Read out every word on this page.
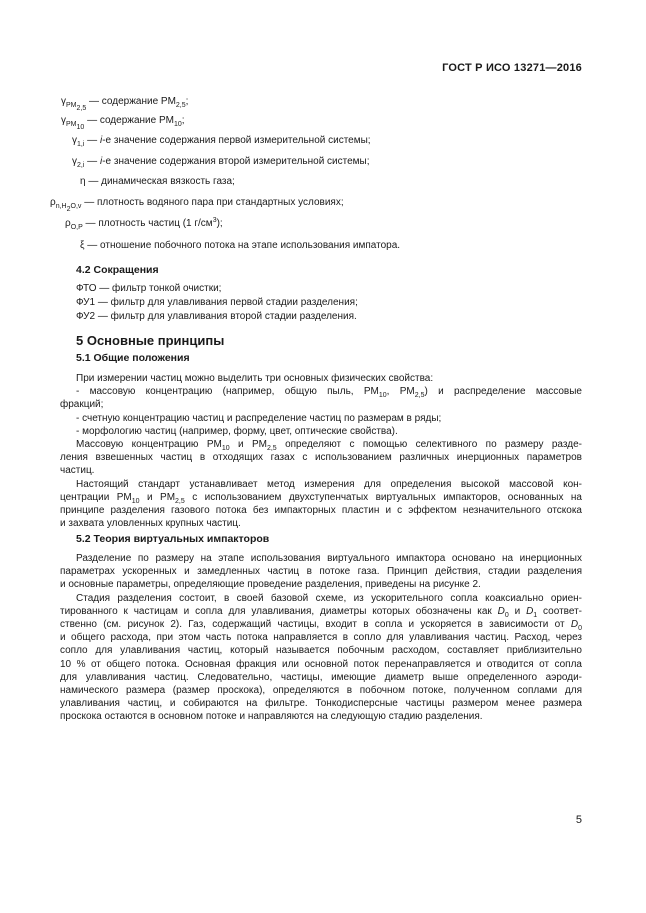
ГОСТ Р ИСО 13271—2016
$\gamma_{PM_{2,5}}$ — содержание $PM_{2,5}$;
$\gamma_{PM_{10}}$ — содержание $PM_{10}$;
$\gamma_{1,i}$ — i-е значение содержания первой измерительной системы;
$\gamma_{2,i}$ — i-е значение содержания второй измерительной системы;
η — динамическая вязкость газа;
$\rho_{n,H_2O,v}$ — плотность водяного пара при стандартных условиях;
$\rho_{O,P}$ — плотность частиц (1 $г/см^3$);
ξ — отношение побочного потока на этапе использования импатора.
4.2 Сокращения
ФТО — фильтр тонкой очистки;
ФУ1 — фильтр для улавливания первой стадии разделения;
ФУ2 — фильтр для улавливания второй стадии разделения.
5 Основные принципы
5.1 Общие положения
При измерении частиц можно выделить три основных физических свойства:
- массовую концентрацию (например, общую пыль, $PM_{10}$, $PM_{2,5}$) и распределение массовые
фракций;
- счетную концентрацию частиц и распределение частиц по размерам в ряды;
- морфологию частиц (например, форму, цвет, оптические свойства).
Массовую концентрацию $PM_{10}$ и $PM_{2,5}$ определяют с помощью селективного по размеру разде-
ления взвешенных частиц в отходящих газах с использованием различных инерционных параметров
частиц.
Настоящий стандарт устанавливает метод измерения для определения высокой массовой кон-
центрации $PM_{10}$ и $PM_{2,5}$ с использованием двухступенчатых виртуальных импакторов, основанных на
принципе разделения газового потока без импакторных пластин и с эффектом незначительного отскока
и захвата уловленных крупных частиц.
5.2 Теория виртуальных импакторов
Разделение по размеру на этапе использования виртуального импактора основано на инерционных
параметрах ускоренных и замедленных частиц в потоке газа. Принцип действия, стадии разделения
и основные параметры, определяющие проведение разделения, приведены на рисунке 2.
Стадия разделения состоит, в своей базовой схеме, из ускорительного сопла коаксиально ориен-
тированного к частицам и сопла для улавливания, диаметры которых обозначены как $D_0$ и $D_1$ соответ-
ственно (см. рисунок 2). Газ, содержащий частицы, входит в сопла и ускоряется в зависимости от $D_0$
и общего расхода, при этом часть потока направляется в сопло для улавливания частиц. Расход, через
сопло для улавливания частиц, который называется побочным расходом, составляет приблизительно
10 % от общего потока. Основная фракция или основной поток перенаправляется и отводится от сопла
для улавливания частиц. Следовательно, частицы, имеющие диаметр выше определенного аэроди-
намического размера (размер проскока), определяются в побочном потоке, полученном соплами для
улавливания частиц, и собираются на фильтре. Тонкодисперсные частицы размером менее размера
проскока остаются в основном потоке и направляются на следующую стадию разделения.
5
